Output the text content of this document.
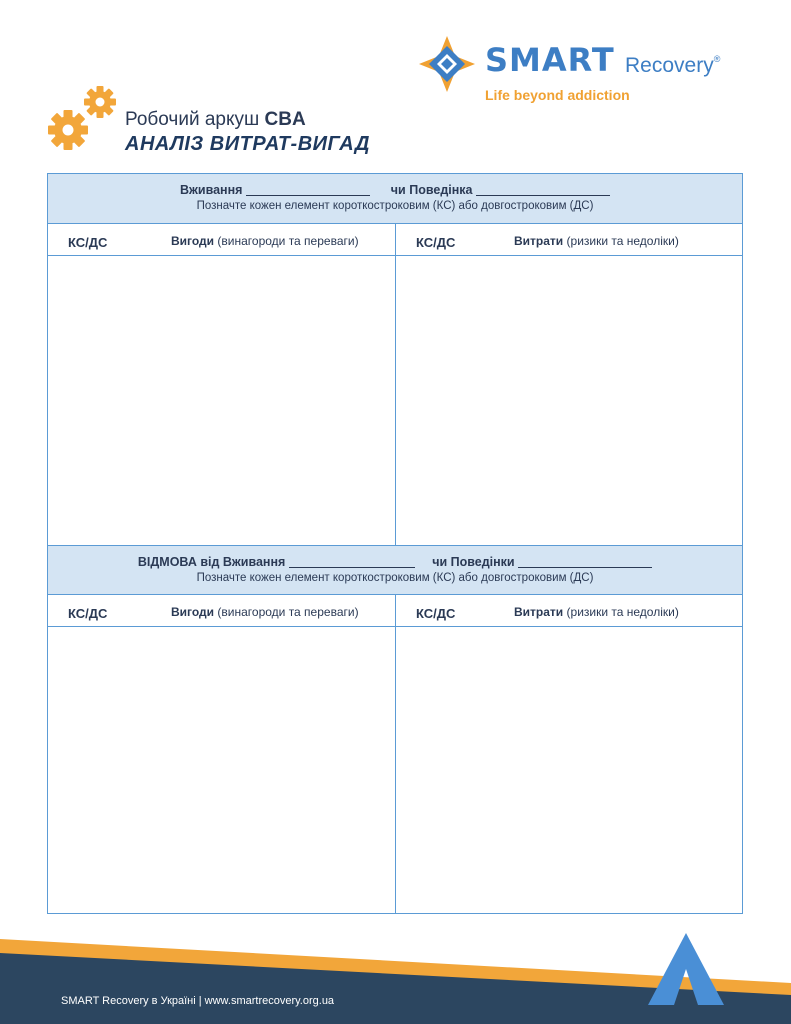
Робочий аркуш CBA
АНАЛІЗ ВИТРАТ-ВИГАД
SMART Recovery®
Life beyond addiction
Вживання	чи Поведінка
Позначте кожен елемент короткостроковим (КС) або довгостроковим (ДС)
КС/ДС	Вигоди (винагороди та переваги)	КС/ДС	Витрати (ризики та недоліки)
ВІДМОВА від Вживання	чи Поведінки
Позначте кожен елемент короткостроковим (КС) або довгостроковим (ДС)
КС/ДС	Вигоди (винагороди та переваги)	КС/ДС	Витрати (ризики та недоліки)
SMART Recovery в Україні | www.smartrecovery.org.ua
